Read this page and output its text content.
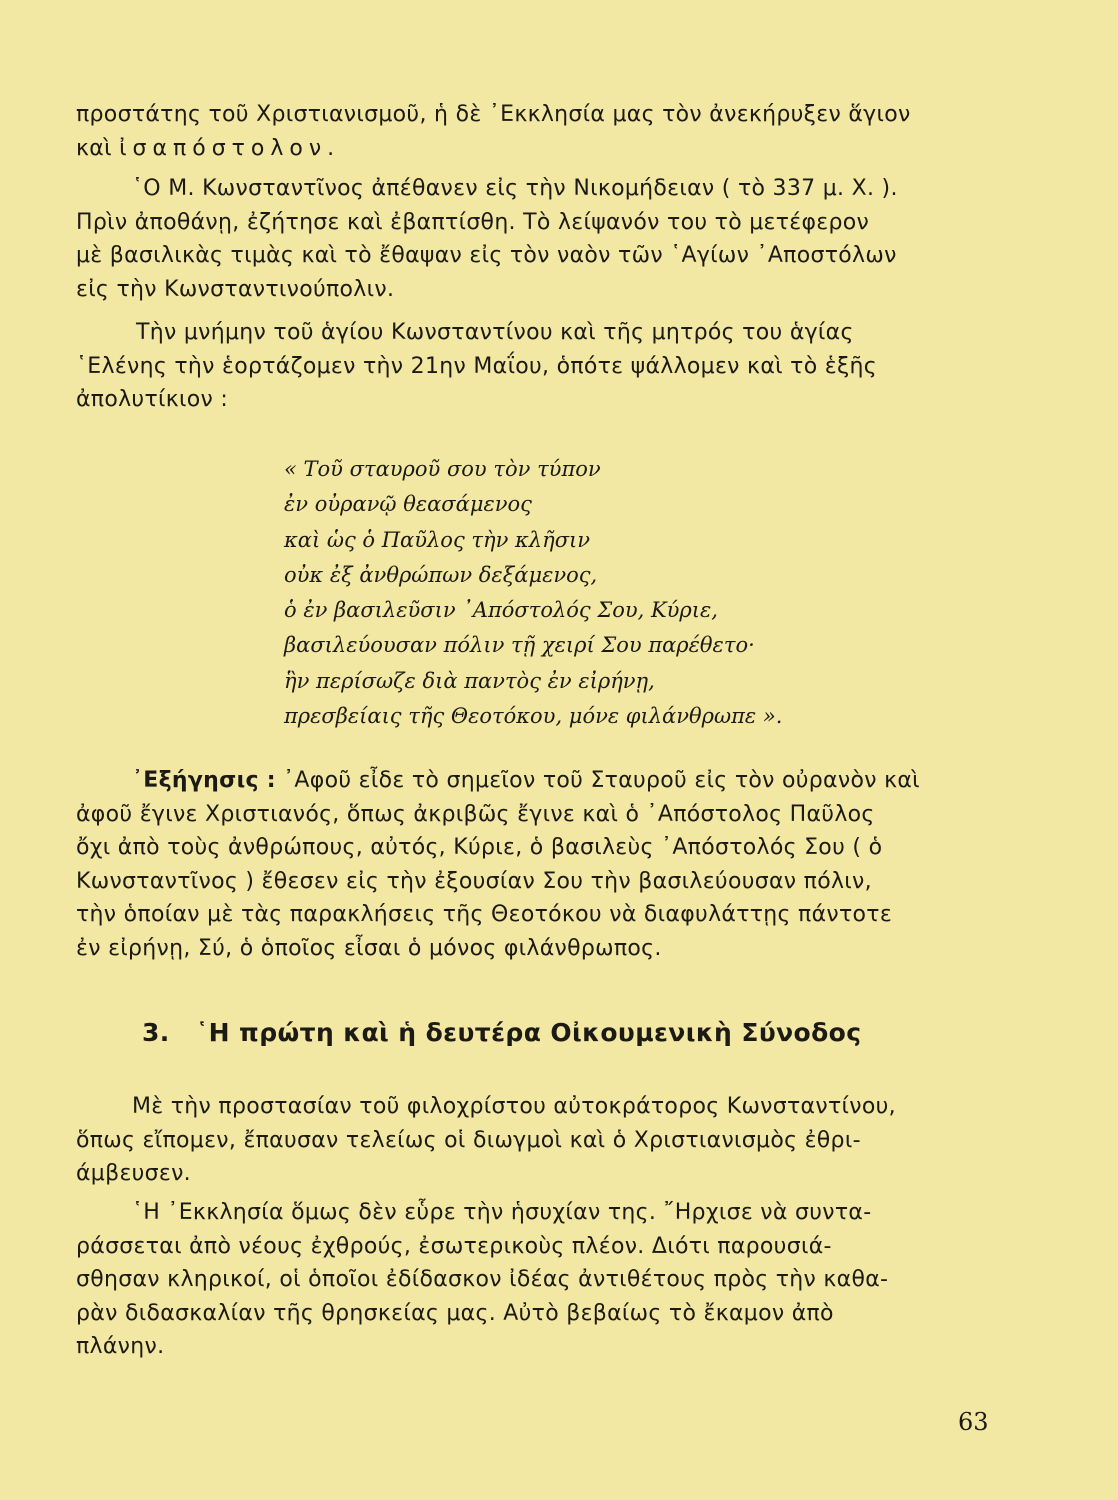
προστάτης τοῦ Χριστιανισμοῦ, ἡ δὲ ᾿Εκκλησία μας τὸν ἀνεκήρυξεν ἅγιον
καὶ ἰσαπόστολον.
῾Ο Μ. Κωνσταντῖνος ἀπέθανεν εἰς τὴν Νικομήδειαν ( τὸ 337 μ. Χ. ).
Πρὶν ἀποθάνῃ, ἐζήτησε καὶ ἐβαπτίσθη. Τὸ λείψανόν του τὸ μετέφερον
μὲ βασιλικὰς τιμὰς καὶ τὸ ἔθαψαν εἰς τὸν ναὸν τῶν ῾Αγίων ᾿Αποστόλων
εἰς τὴν Κωνσταντινούπολιν.
Τὴν μνήμην τοῦ ἁγίου Κωνσταντίνου καὶ τῆς μητρός του ἁγίας
῾Ελένης τὴν ἑορτάζομεν τὴν 21ην Μαΐου, ὁπότε ψάλλομεν καὶ τὸ ἑξῆς
ἀπολυτίκιον :
« Τοῦ σταυροῦ σου τὸν τύπον
ἐν οὐρανῷ θεασάμενος
καὶ ὡς ὁ Παῦλος τὴν κλῆσιν
οὐκ ἐξ ἀνθρώπων δεξάμενος,
ὁ ἐν βασιλεῦσιν ᾿Απόστολός Σου, Κύριε,
βασιλεύουσαν πόλιν τῇ χειρί Σου παρέθετο·
ἣν περίσωζε διὰ παντὸς ἐν εἰρήνῃ,
πρεσβείαις τῆς Θεοτόκου, μόνε φιλάνθρωπε ».
᾿Εξήγησις : ᾿Αφοῦ εἶδε τὸ σημεῖον τοῦ Σταυροῦ εἰς τὸν οὐρανὸν καὶ
ἀφοῦ ἔγινε Χριστιανός, ὅπως ἀκριβῶς ἔγινε καὶ ὁ ᾿Απόστολος Παῦλος
ὄχι ἀπὸ τοὺς ἀνθρώπους, αὐτός, Κύριε, ὁ βασιλεὺς ᾿Απόστολός Σου ( ὁ
Κωνσταντῖνος ) ἔθεσεν εἰς τὴν ἐξουσίαν Σου τὴν βασιλεύουσαν πόλιν,
τὴν ὁποίαν μὲ τὰς παρακλήσεις τῆς Θεοτόκου νὰ διαφυλάττῃς πάντοτε
ἐν εἰρήνῃ, Σύ, ὁ ὁποῖος εἶσαι ὁ μόνος φιλάνθρωπος.
3. ῾Η πρώτη καὶ ἡ δευτέρα Οἰκουμενικὴ Σύνοδος
Μὲ τὴν προστασίαν τοῦ φιλοχρίστου αὐτοκράτορος Κωνσταντίνου,
ὅπως εἴπομεν, ἔπαυσαν τελείως οἱ διωγμοὶ καὶ ὁ Χριστιανισμὸς ἐθρι-
άμβευσεν.
῾Η ᾿Εκκλησία ὅμως δὲν εὗρε τὴν ἡσυχίαν της. ῎Ηρχισε νὰ συντα-
ράσσεται ἀπὸ νέους ἐχθρούς, ἐσωτερικοὺς πλέον. Διότι παρουσιά-
σθησαν κληρικοί, οἱ ὁποῖοι ἐδίδασκον ἰδέας ἀντιθέτους πρὸς τὴν καθα-
ρὰν διδασκαλίαν τῆς θρησκείας μας. Αὐτὸ βεβαίως τὸ ἔκαμον ἀπὸ
πλάνην.
63
